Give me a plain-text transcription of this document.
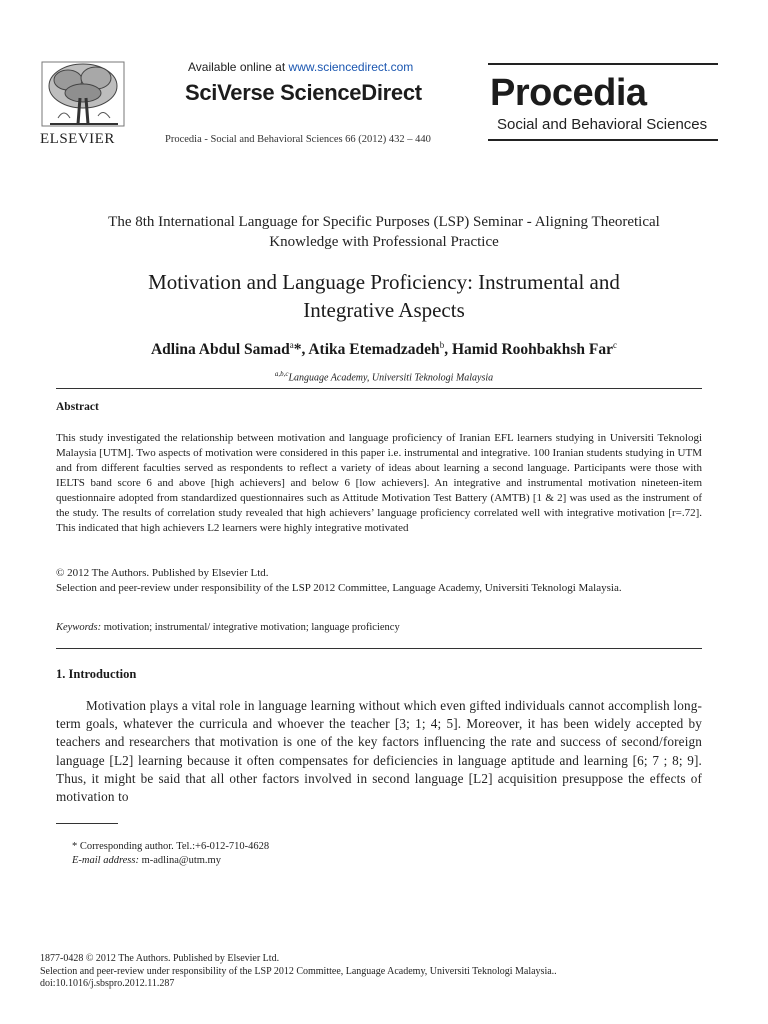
ELSEVIER
Available online at www.sciencedirect.com
SciVerse ScienceDirect
Procedia - Social and Behavioral Sciences 66 (2012) 432 – 440
Procedia
Social and Behavioral Sciences
The 8th International Language for Specific Purposes (LSP) Seminar - Aligning Theoretical
Knowledge with Professional Practice
Motivation and Language Proficiency: Instrumental and
Integrative Aspects
Adlina Abdul Samad$^a$*, Atika Etemadzadeh$^b$, Hamid Roohbakhsh Far$^c$
$^{a,b,c}$Language Academy, Universiti Teknologi Malaysia
Abstract
This study investigated the relationship between motivation and language proficiency of Iranian EFL learners studying in Universiti Teknologi Malaysia [UTM]. Two aspects of motivation were considered in this paper i.e. instrumental and integrative. 100 Iranian students studying in UTM and from different faculties served as respondents to reflect a variety of ideas about learning a second language. Participants were those with IELTS band score 6 and above [high achievers] and below 6 [low achievers]. An integrative and instrumental motivation nineteen-item questionnaire adopted from standardized questionnaires such as Attitude Motivation Test Battery (AMTB) [1 & 2] was used as the instrument of the study. The results of correlation study revealed that high achievers’ language proficiency correlated well with integrative motivation [r=.72]. This indicated that high achievers L2 learners were highly integrative motivated
© 2012 The Authors. Published by Elsevier Ltd.
Selection and peer-review under responsibility of the LSP 2012 Committee, Language Academy, Universiti Teknologi Malaysia.
Keywords: motivation; instrumental/ integrative motivation; language proficiency
1. Introduction
Motivation plays a vital role in language learning without which even gifted individuals cannot accomplish long-term goals, whatever the curricula and whoever the teacher [3; 1; 4; 5]. Moreover, it has been widely accepted by teachers and researchers that motivation is one of the key factors influencing the rate and success of second/foreign language [L2] learning because it often compensates for deficiencies in language aptitude and learning [6; 7 ; 8; 9]. Thus, it might be said that all other factors involved in second language [L2] acquisition presuppose the effects of motivation to
* Corresponding author. Tel.:+6-012-710-4628
E-mail address: m-adlina@utm.my
1877-0428 © 2012 The Authors. Published by Elsevier Ltd.
Selection and peer-review under responsibility of the LSP 2012 Committee, Language Academy, Universiti Teknologi Malaysia..
doi:10.1016/j.sbspro.2012.11.287
